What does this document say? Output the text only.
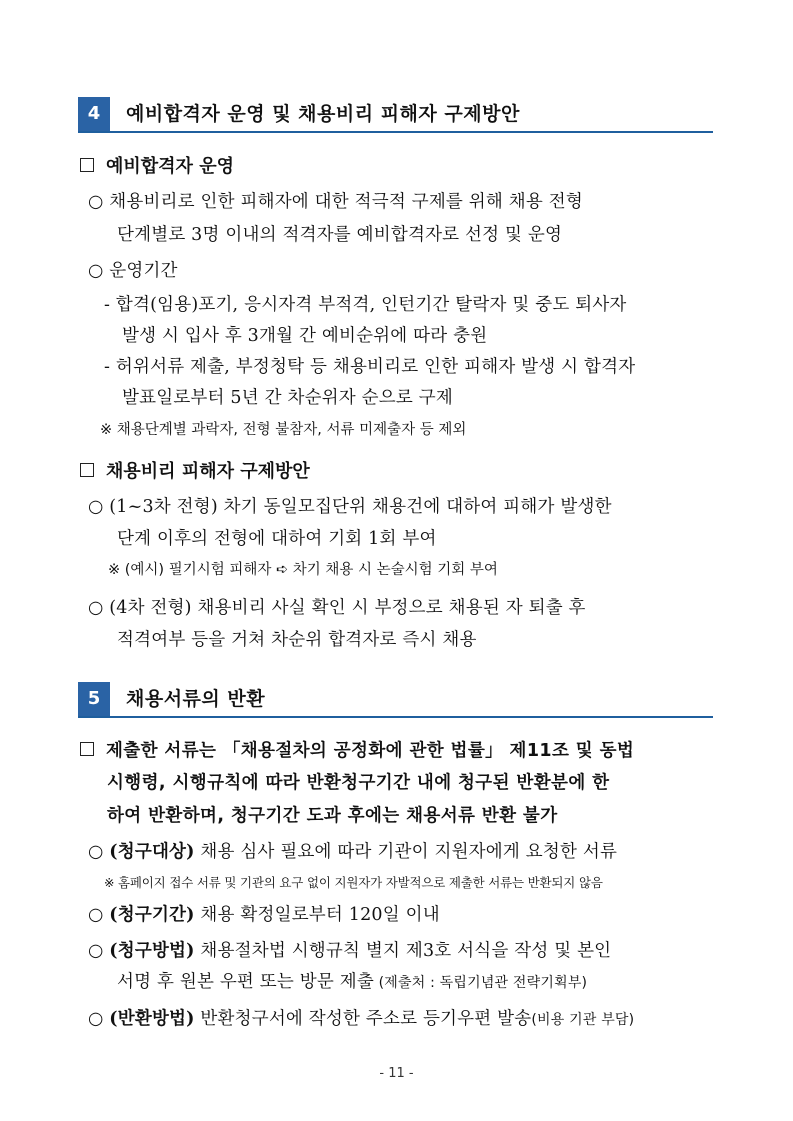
4	예비합격자 운영 및 채용비리 피해자 구제방안
예비합격자 운영
○ 채용비리로 인한 피해자에 대한 적극적 구제를 위해 채용 전형
단계별로 3명 이내의 적격자를 예비합격자로 선정 및 운영
○ 운영기간
- 합격(임용)포기, 응시자격 부적격, 인턴기간 탈락자 및 중도 퇴사자
발생 시 입사 후 3개월 간 예비순위에 따라 충원
- 허위서류 제출, 부정청탁 등 채용비리로 인한 피해자 발생 시 합격자
발표일로부터 5년 간 차순위자 순으로 구제
※ 채용단계별 과락자, 전형 불참자, 서류 미제출자 등 제외
채용비리 피해자 구제방안
○ (1~3차 전형) 차기 동일모집단위 채용건에 대하여 피해가 발생한
단계 이후의 전형에 대하여 기회 1회 부여
※ (예시) 필기시험 피해자 ➪ 차기 채용 시 논술시험 기회 부여
○ (4차 전형) 채용비리 사실 확인 시 부정으로 채용된 자 퇴출 후
적격여부 등을 거쳐 차순위 합격자로 즉시 채용
5	채용서류의 반환
제출한 서류는 「채용절차의 공정화에 관한 법률」 제11조 및 동법
시행령, 시행규칙에 따라 반환청구기간 내에 청구된 반환분에 한
하여 반환하며, 청구기간 도과 후에는 채용서류 반환 불가
○ (청구대상) 채용 심사 필요에 따라 기관이 지원자에게 요청한 서류
※ 홈페이지 접수 서류 및 기관의 요구 없이 지원자가 자발적으로 제출한 서류는 반환되지 않음
○ (청구기간) 채용 확정일로부터 120일 이내
○ (청구방법) 채용절차법 시행규칙 별지 제3호 서식을 작성 및 본인
서명 후 원본 우편 또는 방문 제출 (제출처 : 독립기념관 전략기획부)
○ (반환방법) 반환청구서에 작성한 주소로 등기우편 발송(비용 기관 부담)
- 11 -
